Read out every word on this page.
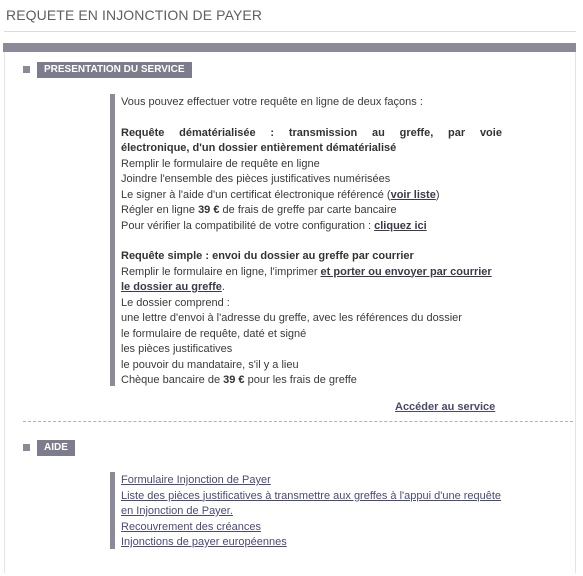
REQUETE EN INJONCTION DE PAYER
PRESENTATION DU SERVICE
Vous pouvez effectuer votre requête en ligne de deux façons :
Requête dématérialisée : transmission au greffe, par voie
électronique, d'un dossier entièrement dématérialisé
Remplir le formulaire de requête en ligne
Joindre l'ensemble des pièces justificatives numérisées
Le signer à l'aide d'un certificat électronique référencé (voir liste)
Régler en ligne 39 € de frais de greffe par carte bancaire
Pour vérifier la compatibilité de votre configuration : cliquez ici
Requête simple : envoi du dossier au greffe par courrier
Remplir le formulaire en ligne, l'imprimer et porter ou envoyer par courrier
le dossier au greffe.
Le dossier comprend :
une lettre d'envoi à l'adresse du greffe, avec les références du dossier
le formulaire de requête, daté et signé
les pièces justificatives
le pouvoir du mandataire, s'il y a lieu
Chèque bancaire de 39 € pour les frais de greffe
Accéder au service
AIDE
Formulaire Injonction de Payer
Liste des pièces justificatives à transmettre aux greffes à l'appui d'une requête
en Injonction de Payer.
Recouvrement des créances
Injonctions de payer européennes
